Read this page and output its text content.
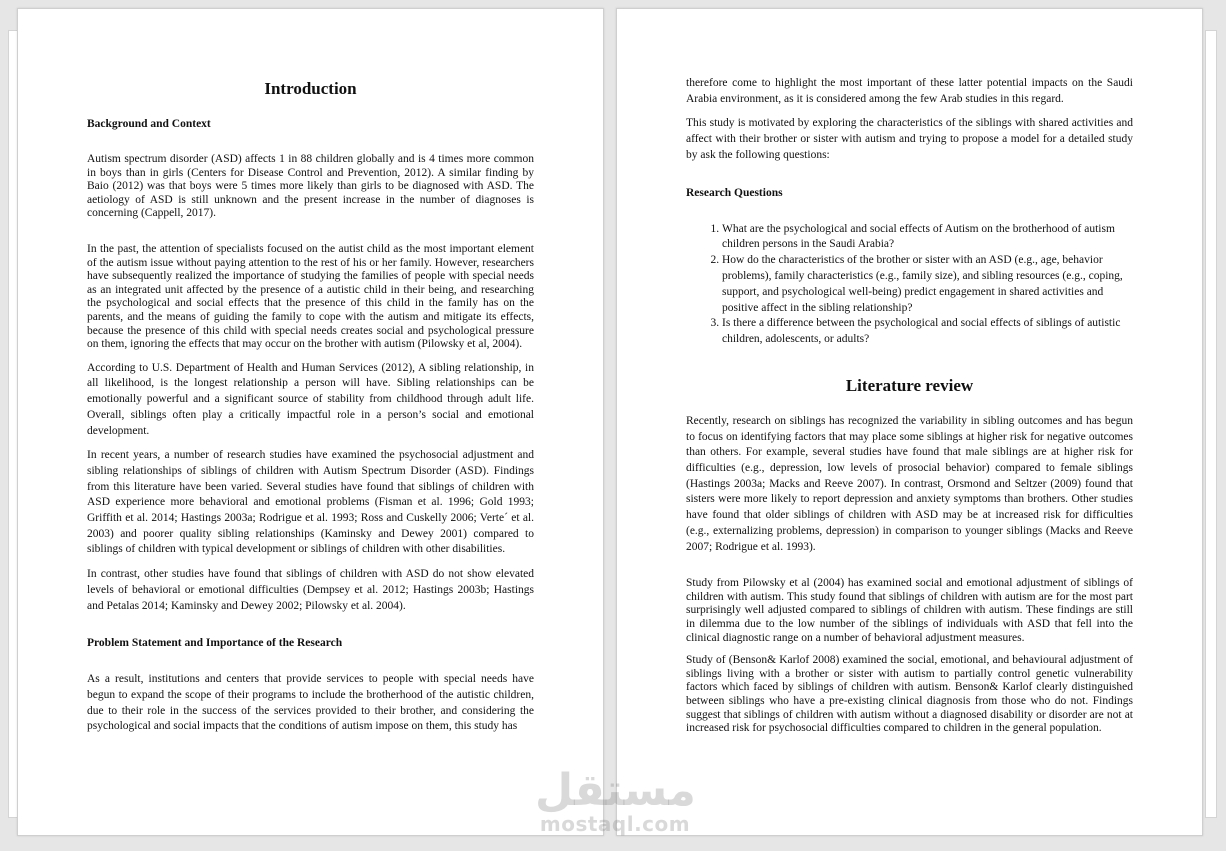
Introduction
Background and Context

Autism spectrum disorder (ASD) affects 1 in 88 children globally and is 4 times more common in boys than in girls (Centers for Disease Control and Prevention, 2012). A similar finding by Baio (2012) was that boys were 5 times more likely than girls to be diagnosed with ASD. The aetiology of ASD is still unknown and the present increase in the number of diagnoses is concerning (Cappell, 2017).

In the past, the attention of specialists focused on the autist child as the most important element of the autism issue without paying attention to the rest of his or her family. However, researchers have subsequently realized the importance of studying the families of people with special needs as an integrated unit affected by the presence of a autistic child in their being, and researching the psychological and social effects that the presence of this child in the family has on the parents, and the means of guiding the family to cope with the autism and mitigate its effects, because the presence of this child with special needs creates social and psychological pressure on them, ignoring the effects that may occur on the brother with autism (Pilowsky et al, 2004).

According to U.S. Department of Health and Human Services (2012), A sibling relationship, in all likelihood, is the longest relationship a person will have. Sibling relationships can be emotionally powerful and a significant source of stability from childhood through adult life. Overall, siblings often play a critically impactful role in a person’s social and emotional development.

In recent years, a number of research studies have examined the psychosocial adjustment and sibling relationships of siblings of children with Autism Spectrum Disorder (ASD). Findings from this literature have been varied. Several studies have found that siblings of children with ASD experience more behavioral and emotional problems (Fisman et al. 1996; Gold 1993; Griffith et al. 2014; Hastings 2003a; Rodrigue et al. 1993; Ross and Cuskelly 2006; Verte´ et al. 2003) and poorer quality sibling relationships (Kaminsky and Dewey 2001) compared to siblings of children with typical development or siblings of children with other disabilities.

In contrast, other studies have found that siblings of children with ASD do not show elevated levels of behavioral or emotional difficulties (Dempsey et al. 2012; Hastings 2003b; Hastings and Petalas 2014; Kaminsky and Dewey 2002; Pilowsky et al. 2004).

Problem Statement and Importance of the Research

As a result, institutions and centers that provide services to people with special needs have begun to expand the scope of their programs to include the brotherhood of the autistic children, due to their role in the success of the services provided to their brother, and considering the psychological and social impacts that the conditions of autism impose on them, this study has

therefore come to highlight the most important of these latter potential impacts on the Saudi Arabia environment, as it is considered among the few Arab studies in this regard.

This study is motivated by exploring the characteristics of the siblings with shared activities and affect with their brother or sister with autism and trying to propose a model for a detailed study by ask the following questions:

Research Questions
1. What are the psychological and social effects of Autism on the brotherhood of autism children persons in the Saudi Arabia?
2. How do the characteristics of the brother or sister with an ASD (e.g., age, behavior problems), family characteristics (e.g., family size), and sibling resources (e.g., coping, support, and psychological well-being) predict engagement in shared activities and positive affect in the sibling relationship?
3. Is there a difference between the psychological and social effects of siblings of autistic children, adolescents, or adults?
Literature review

Recently, research on siblings has recognized the variability in sibling outcomes and has begun to focus on identifying factors that may place some siblings at higher risk for negative outcomes than others. For example, several studies have found that male siblings are at higher risk for difficulties (e.g., depression, low levels of prosocial behavior) compared to female siblings (Hastings 2003a; Macks and Reeve 2007). In contrast, Orsmond and Seltzer (2009) found that sisters were more likely to report depression and anxiety symptoms than brothers. Other studies have found that older siblings of children with ASD may be at increased risk for difficulties (e.g., externalizing problems, depression) in comparison to younger siblings (Macks and Reeve 2007; Rodrigue et al. 1993).

Study from Pilowsky et al (2004) has examined social and emotional adjustment of siblings of children with autism. This study found that siblings of children with autism are for the most part surprisingly well adjusted compared to siblings of children with autism. These findings are still in dilemma due to the low number of the siblings of individuals with ASD that fell into the clinical diagnostic range on a number of behavioral adjustment measures.

Study of (Benson& Karlof 2008) examined the social, emotional, and behavioural adjustment of siblings living with a brother or sister with autism to partially control genetic vulnerability factors which faced by siblings of children with autism. Benson& Karlof clearly distinguished between siblings who have a pre-existing clinical diagnosis from those who do not. Findings suggest that siblings of children with autism without a diagnosed disability or disorder are not at increased risk for psychosocial difficulties compared to children in the general population.

مستقل
mostaql.com
